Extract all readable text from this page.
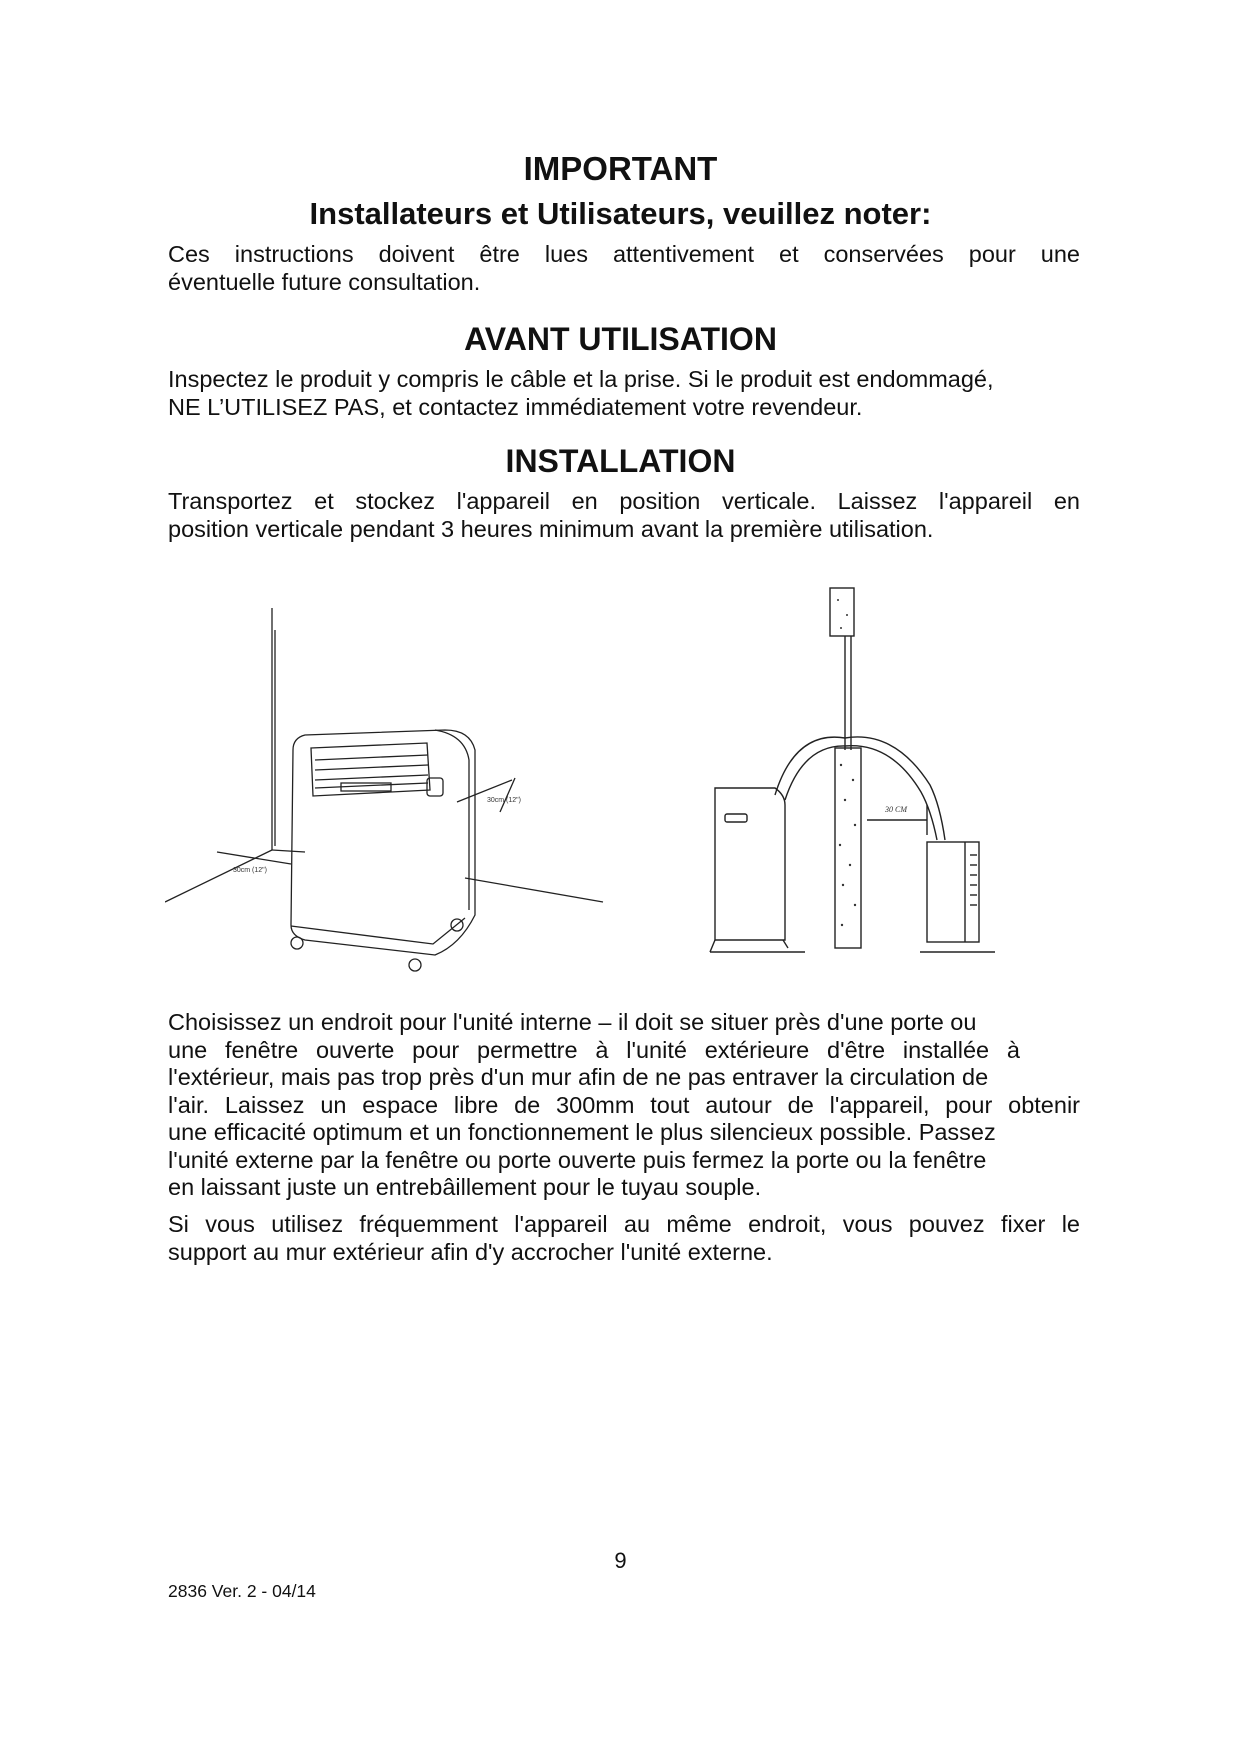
IMPORTANT
Installateurs et Utilisateurs, veuillez noter:

Ces instructions doivent être lues attentivement et conservées pour une
éventuelle future consultation.

AVANT UTILISATION

Inspectez le produit y compris le câble et la prise. Si le produit est endommagé,
NE L’UTILISEZ PAS, et contactez immédiatement votre revendeur.

INSTALLATION

Transportez et stockez l'appareil en position verticale. Laissez l'appareil en
position verticale pendant 3 heures minimum avant la première utilisation.

30cm (12")
30cm (12")
30 CM

Choisissez un endroit pour l'unité interne – il doit se situer près d'une porte ou
une fenêtre ouverte pour permettre à l'unité extérieure d'être installée à
l'extérieur, mais pas trop près d'un mur afin de ne pas entraver la circulation de
l'air. Laissez un espace libre de 300mm tout autour de l'appareil, pour obtenir
une efficacité optimum et un fonctionnement le plus silencieux possible. Passez
l'unité externe par la fenêtre ou porte ouverte puis fermez la porte ou la fenêtre
en laissant juste un entrebâillement pour le tuyau souple.

Si vous utilisez fréquemment l'appareil au même endroit, vous pouvez fixer le
support au mur extérieur afin d'y accrocher l'unité externe.

9
2836 Ver. 2 - 04/14
